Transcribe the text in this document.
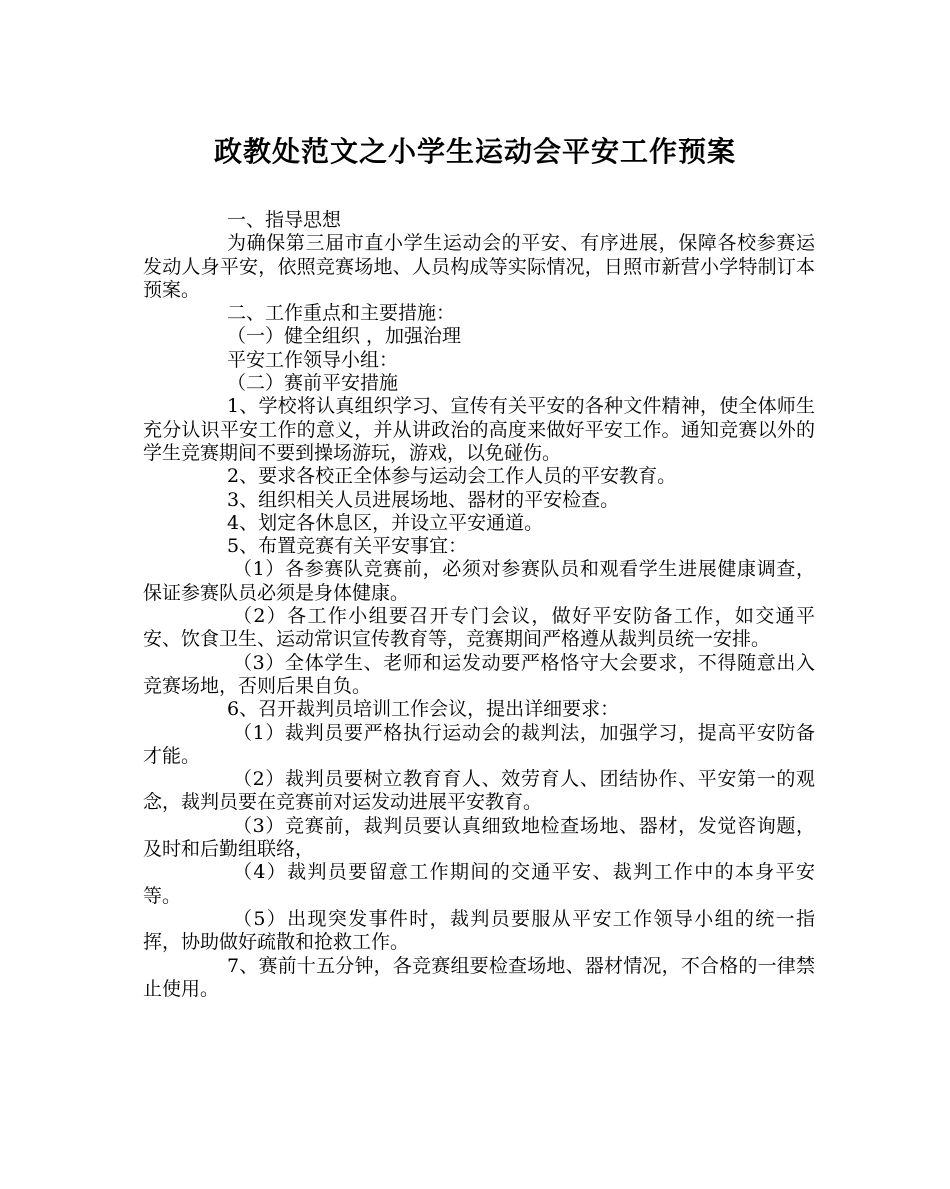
政教处范文之小学生运动会平安工作预案

一、指导思想

为确保第三届市直小学生运动会的平安、有序进展，保障各校参赛运发动人身平安，依照竞赛场地、人员构成等实际情况，日照市新营小学特制订本预案。

二、工作重点和主要措施：

（一）健全组织 ，加强治理

平安工作领导小组：

（二）赛前平安措施

1、学校将认真组织学习、宣传有关平安的各种文件精神，使全体师生充分认识平安工作的意义，并从讲政治的高度来做好平安工作。通知竞赛以外的学生竞赛期间不要到操场游玩，游戏，以免碰伤。

2、要求各校正全体参与运动会工作人员的平安教育。

3、组织相关人员进展场地、器材的平安检查。

4、划定各休息区，并设立平安通道。

5、布置竞赛有关平安事宜：

（1）各参赛队竞赛前，必须对参赛队员和观看学生进展健康调查，保证参赛队员必须是身体健康。

（2）各工作小组要召开专门会议，做好平安防备工作，如交通平安、饮食卫生、运动常识宣传教育等，竞赛期间严格遵从裁判员统一安排。

（3）全体学生、老师和运发动要严格恪守大会要求，不得随意出入竞赛场地，否则后果自负。

6、召开裁判员培训工作会议，提出详细要求：

（1）裁判员要严格执行运动会的裁判法，加强学习，提高平安防备才能。

（2）裁判员要树立教育育人、效劳育人、团结协作、平安第一的观念，裁判员要在竞赛前对运发动进展平安教育。

（3）竞赛前，裁判员要认真细致地检查场地、器材，发觉咨询题，及时和后勤组联络，

（4）裁判员要留意工作期间的交通平安、裁判工作中的本身平安等。

（5）出现突发事件时，裁判员要服从平安工作领导小组的统一指挥，协助做好疏散和抢救工作。

7、赛前十五分钟，各竞赛组要检查场地、器材情况，不合格的一律禁止使用。
